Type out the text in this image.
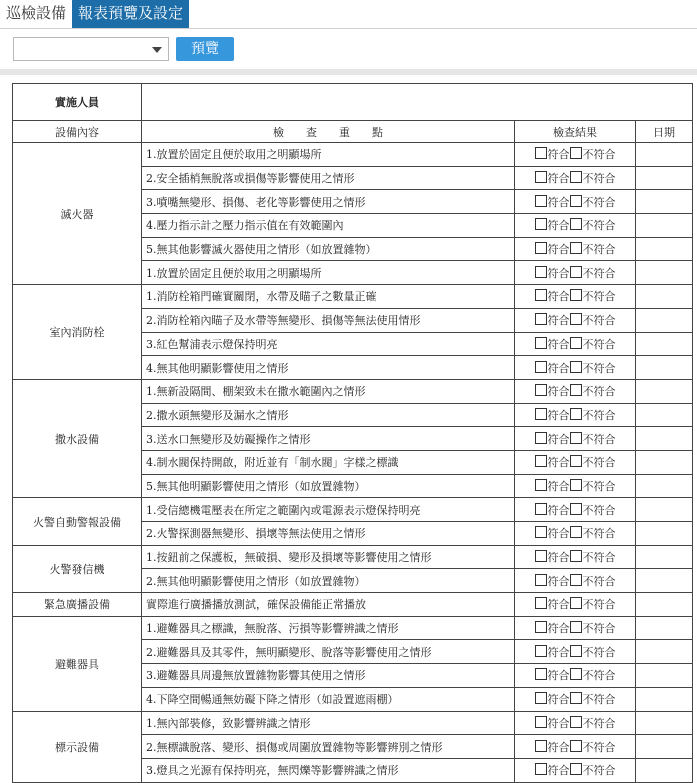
巡檢設備 報表預覽及設定
預覽
實施人員			
設備內容	檢　　查　　重　　點	檢查結果	日期
滅火器	1.放置於固定且便於取用之明顯場所	符合 不符合	
	2.安全插梢無脫落或損傷等影響使用之情形	符合 不符合	
	3.噴嘴無變形、損傷、老化等影響使用之情形	符合 不符合	
	4.壓力指示計之壓力指示值在有效範圍內	符合 不符合	
	5.無其他影響滅火器使用之情形（如放置雜物）	符合 不符合	
	1.放置於固定且便於取用之明顯場所	符合 不符合	
室內消防栓	1.消防栓箱門確實關閉，水帶及瞄子之數量正確	符合 不符合	
	2.消防栓箱內瞄子及水帶等無變形、損傷等無法使用情形	符合 不符合	
	3.紅色幫浦表示燈保持明亮	符合 不符合	
	4.無其他明顯影響使用之情形	符合 不符合	
撒水設備	1.無新設隔間、棚架致未在撒水範圍內之情形	符合 不符合	
	2.撒水頭無變形及漏水之情形	符合 不符合	
	3.送水口無變形及妨礙操作之情形	符合 不符合	
	4.制水閥保持開啟，附近並有「制水閥」字樣之標識	符合 不符合	
	5.無其他明顯影響使用之情形（如放置雜物）	符合 不符合	
火警自動警報設備	1.受信總機電壓表在所定之範圍內或電源表示燈保持明亮	符合 不符合	
	2.火警探測器無變形、損壞等無法使用之情形	符合 不符合	
火警發信機	1.按鈕前之保護板，無破損、變形及損壞等影響使用之情形	符合 不符合	
	2.無其他明顯影響使用之情形（如放置雜物）	符合 不符合	
緊急廣播設備	實際進行廣播播放測試，確保設備能正常播放	符合 不符合	
避難器具	1.避難器具之標識，無脫落、污損等影響辨識之情形	符合 不符合	
	2.避難器具及其零件，無明顯變形、脫落等影響使用之情形	符合 不符合	
	3.避難器具周邊無放置雜物影響其使用之情形	符合 不符合	
	4.下降空間暢通無妨礙下降之情形（如設置遮雨棚）	符合 不符合	
標示設備	1.無內部裝修，致影響辨識之情形	符合 不符合	
	2.無標識脫落、變形、損傷或周圍放置雜物等影響辨別之情形	符合 不符合	
	3.燈具之光源有保持明亮，無閃爍等影響辨識之情形	符合 不符合	
